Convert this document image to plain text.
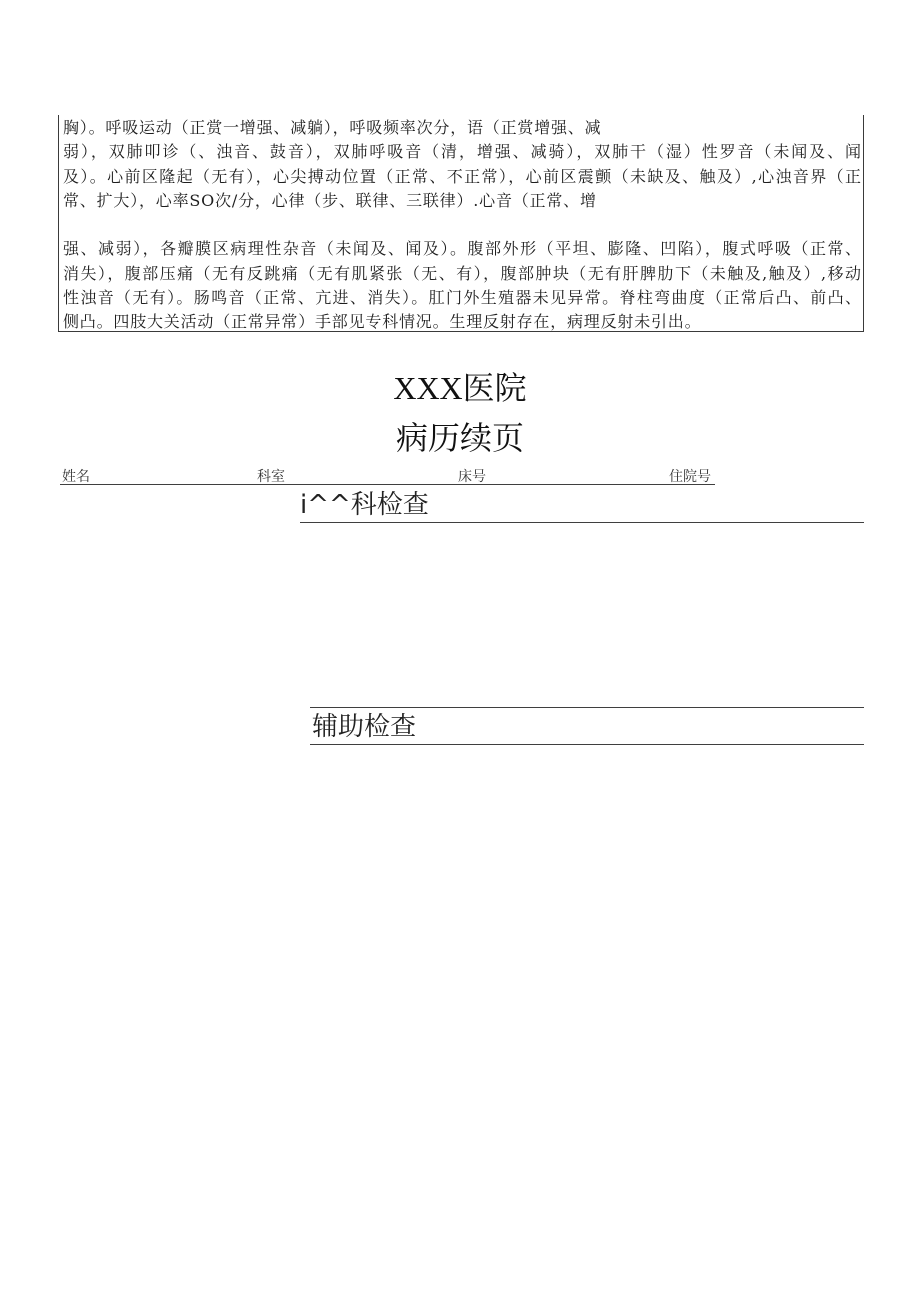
胸）。呼吸运动（正赏一增强、减躺），呼吸频率次分，语（正赏增强、减
弱），双肺叩诊（、浊音、鼓音），双肺呼吸音（清，增强、减骑），双肺干（湿）性罗音（未闻及、闻
及）。心前区隆起（无有），心尖搏动位置（正常、不正常），心前区震颤（未缺及、触及）,心浊音界（正
常、扩大），心率SO次/分，心律（步、联律、三联律）.心音（正常、增
强、减弱），各瓣膜区病理性杂音（未闻及、闻及）。腹部外形（平坦、膨隆、凹陷），腹式呼吸（正常、
消失），腹部压痛（无有反跳痛（无有肌紧张（无、有），腹部肿块（无有肝脾肋下（未触及,触及）,移动
性浊音（无有）。肠鸣音（正常、亢进、消失）。肛门外生殖器未见异常。脊柱弯曲度（正常后凸、前凸、
侧凸。四肢大关活动（正常异常）手部见专科情况。生理反射存在，病理反射未引出。
XXX医院
病历续页
姓名	科室	床号	住院号
i^^科检查
辅助检查
